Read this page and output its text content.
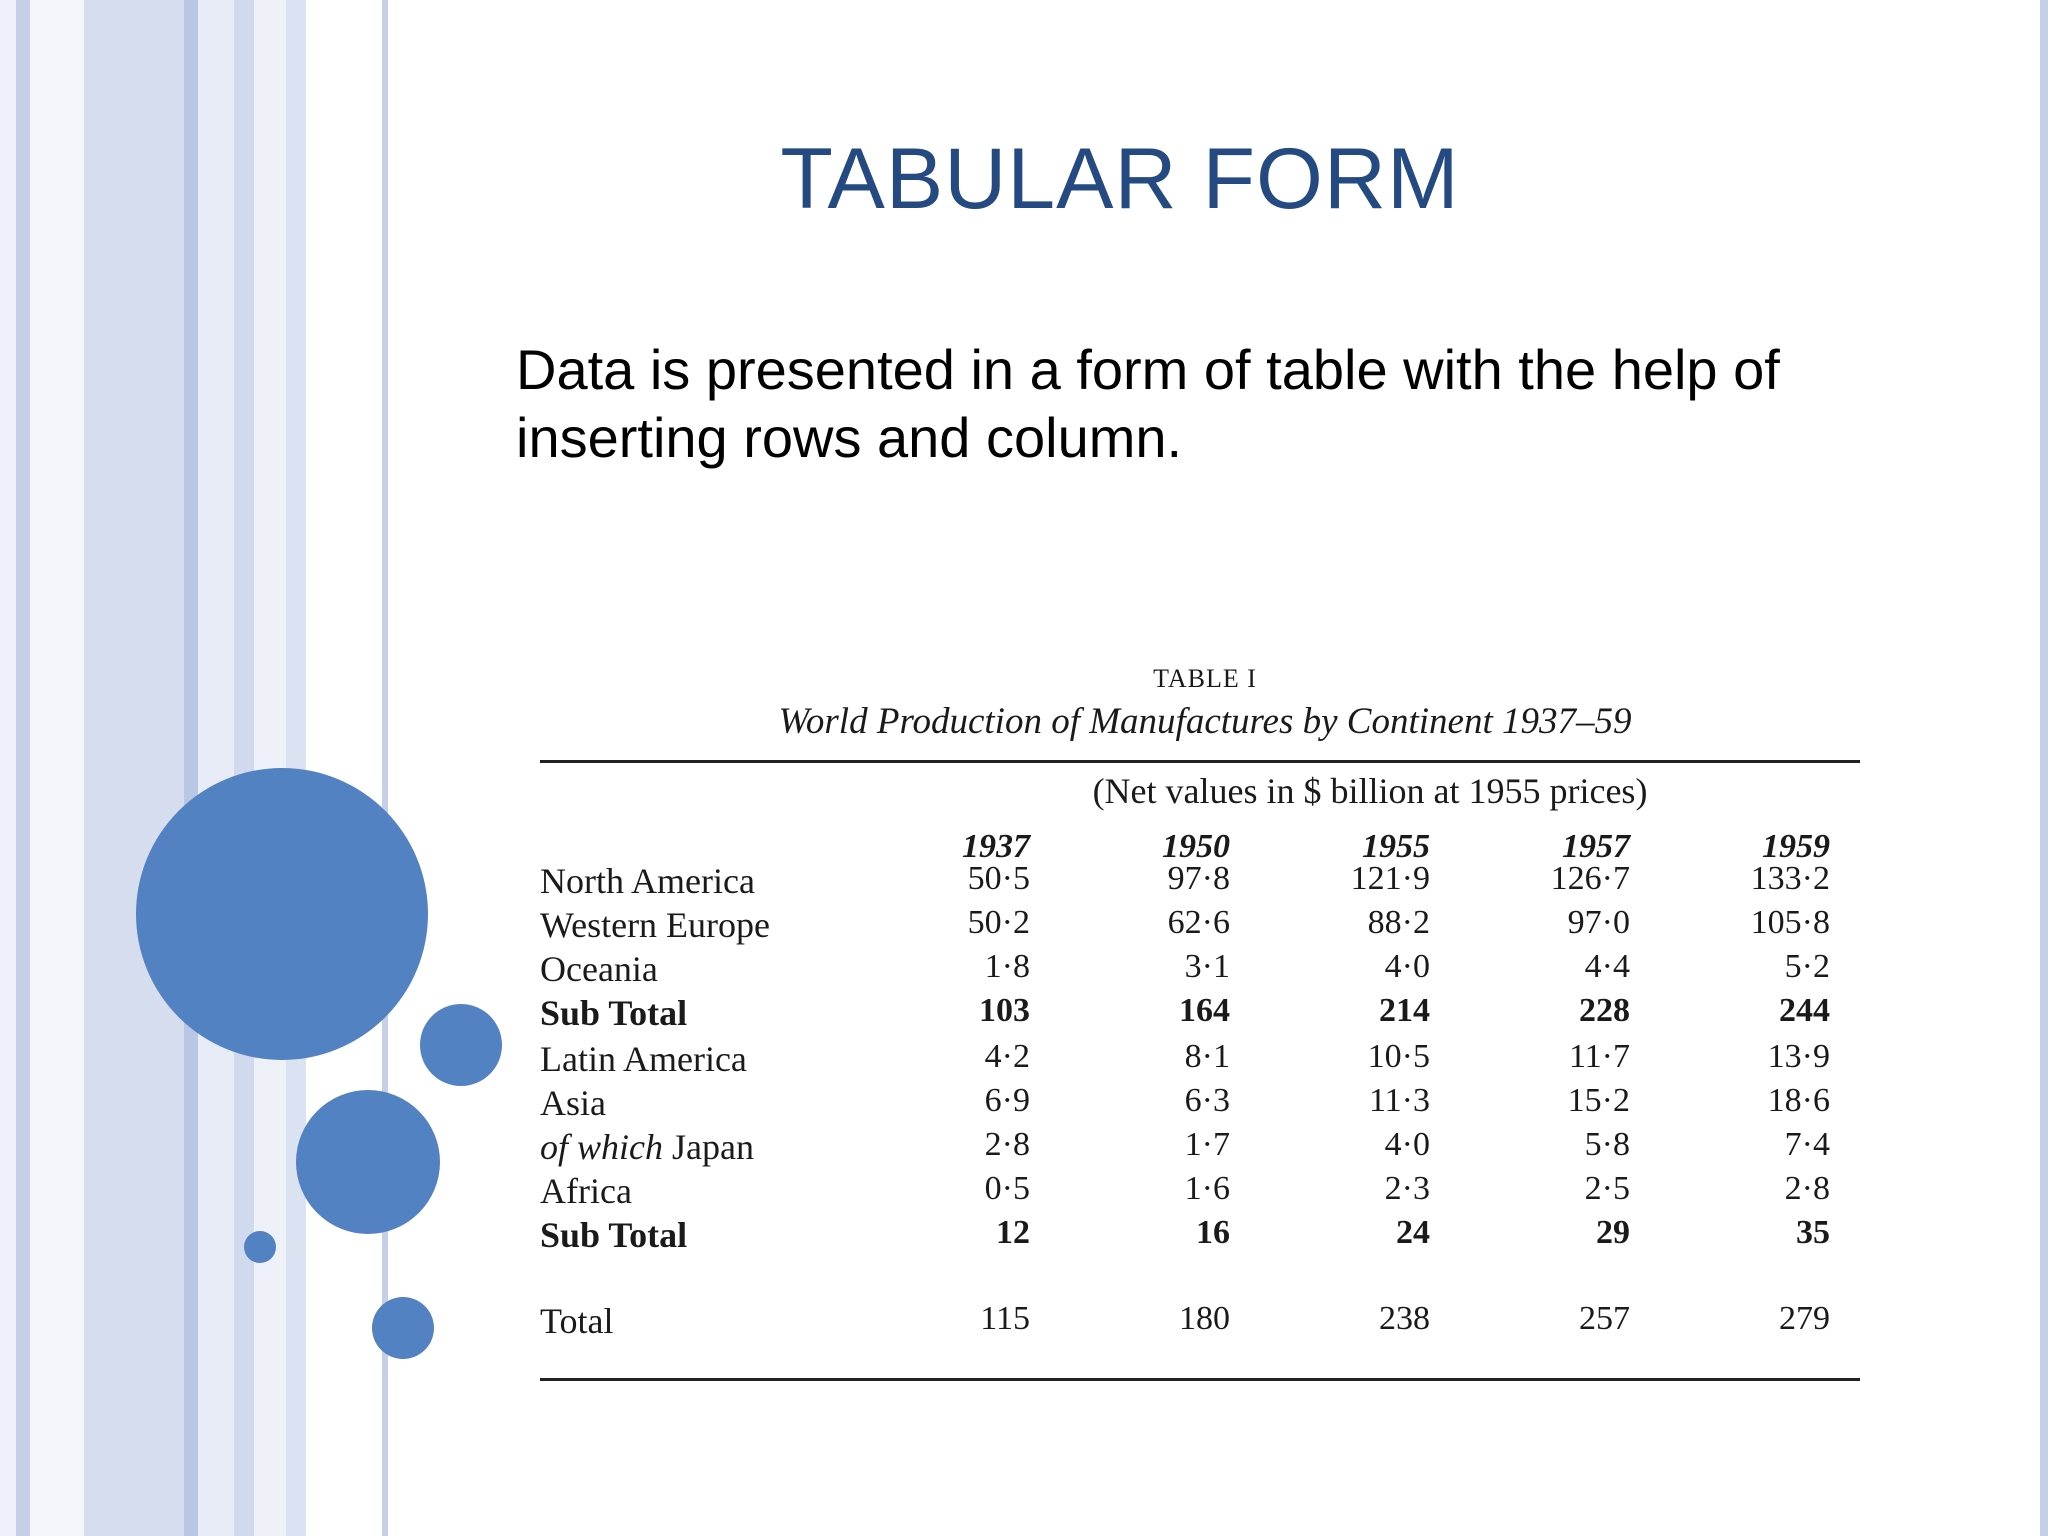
TABULAR FORM
Data is presented in a form of table with the help of inserting rows and column.
TABLE I
World Production of Manufactures by Continent 1937–59
(Net values in $ billion at 1955 prices)
1937	1950	1955	1957	1959
North America	50·5	97·8	121·9	126·7	133·2
Western Europe	50·2	62·6	88·2	97·0	105·8
Oceania	1·8	3·1	4·0	4·4	5·2
Sub Total	103	164	214	228	244
Latin America	4·2	8·1	10·5	11·7	13·9
Asia	6·9	6·3	11·3	15·2	18·6
of which Japan	2·8	1·7	4·0	5·8	7·4
Africa	0·5	1·6	2·3	2·5	2·8
Sub Total	12	16	24	29	35
Total	115	180	238	257	279
